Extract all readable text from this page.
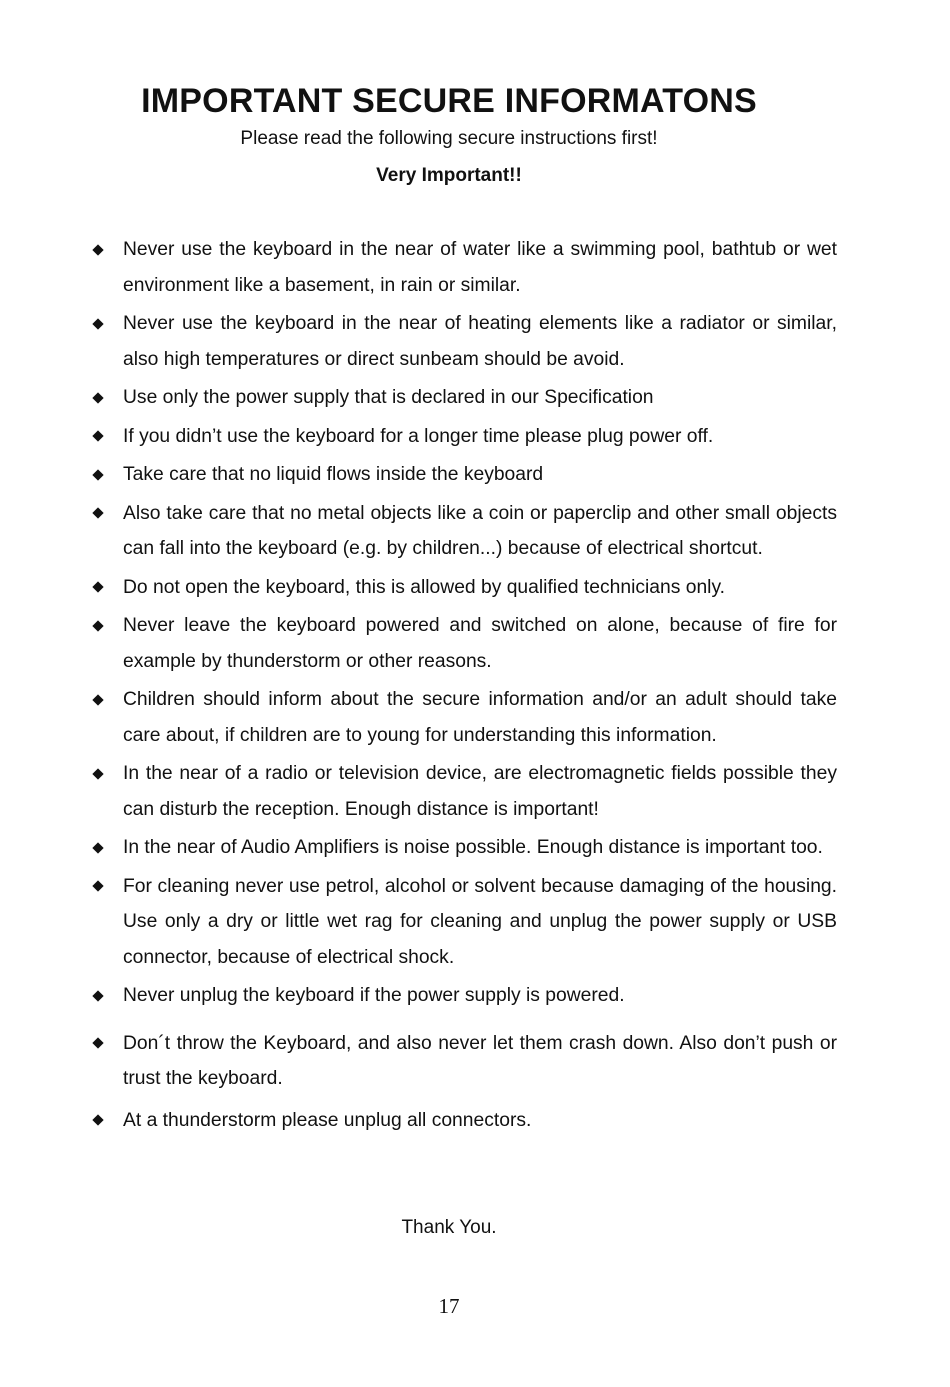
IMPORTANT SECURE INFORMATONS

Please read the following secure instructions first!

Very Important!!

Never use the keyboard in the near of water like a swimming pool, bathtub or wet environment like a basement, in rain or similar.
Never use the keyboard in the near of heating elements like a radiator or similar, also high temperatures or direct sunbeam should be avoid.
Use only the power supply that is declared in our Specification
If you didn’t use the keyboard for a longer time please plug power off.
Take care that no liquid flows inside the keyboard
Also take care that no metal objects like a coin or paperclip and other small objects can fall into the keyboard (e.g. by children...) because of electrical shortcut.
Do not open the keyboard, this is allowed by qualified technicians only.
Never leave the keyboard powered and switched on alone, because of fire for example by thunderstorm or other reasons.
Children should inform about the secure information and/or an adult should take care about, if children are to young for understanding this information.
In the near of a radio or television device, are electromagnetic fields possible they can disturb the reception. Enough distance is important!
In the near of Audio Amplifiers is noise possible. Enough distance is important too.
For cleaning never use petrol, alcohol or solvent because damaging of the housing. Use only a dry or little wet rag for cleaning and unplug the power supply or USB connector, because of electrical shock.
Never unplug the keyboard if the power supply is powered.
Don´t throw the Keyboard, and also never let them crash down. Also don’t push or trust the keyboard.
At a thunderstorm please unplug all connectors.

Thank You.

17
